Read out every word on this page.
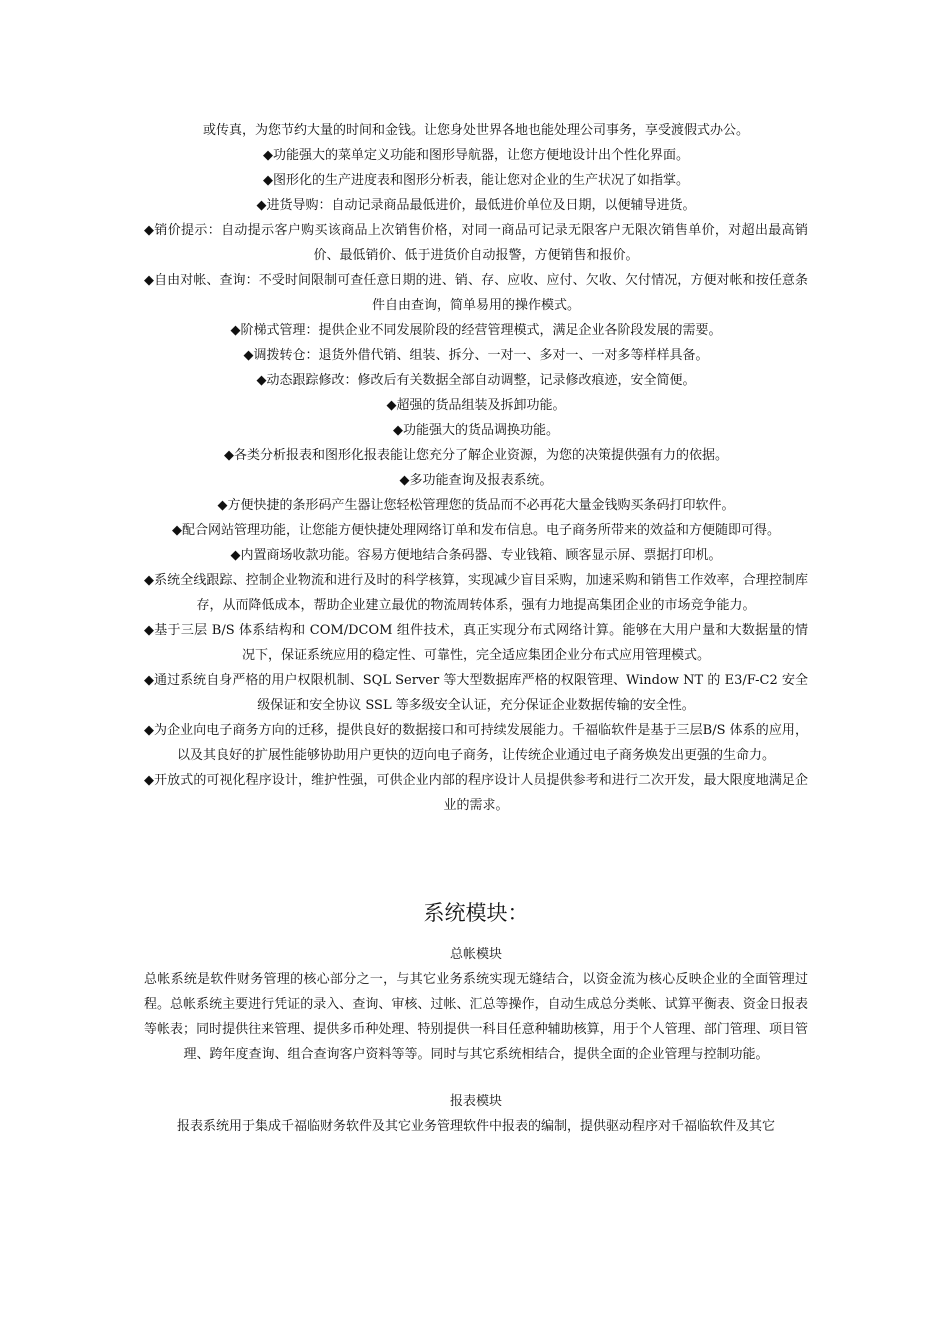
或传真，为您节约大量的时间和金钱。让您身处世界各地也能处理公司事务，享受渡假式办公。

◆功能强大的菜单定义功能和图形导航器，让您方便地设计出个性化界面。

◆图形化的生产进度表和图形分析表，能让您对企业的生产状况了如指掌。

◆进货导购：自动记录商品最低进价，最低进价单位及日期，以便辅导进货。

◆销价提示：自动提示客户购买该商品上次销售价格，对同一商品可记录无限客户无限次销售单价，对超出最高销价、最低销价、低于进货价自动报警，方便销售和报价。

◆自由对帐、查询：不受时间限制可查任意日期的进、销、存、应收、应付、欠收、欠付情况，方便对帐和按任意条件自由查询，简单易用的操作模式。

◆阶梯式管理：提供企业不同发展阶段的经营管理模式，满足企业各阶段发展的需要。

◆调拨转仓：退货外借代销、组装、拆分、一对一、多对一、一对多等样样具备。

◆动态跟踪修改：修改后有关数据全部自动调整，记录修改痕迹，安全简便。

◆超强的货品组装及拆卸功能。

◆功能强大的货品调换功能。

◆各类分析报表和图形化报表能让您充分了解企业资源，为您的决策提供强有力的依据。

◆多功能查询及报表系统。

◆方便快捷的条形码产生器让您轻松管理您的货品而不必再花大量金钱购买条码打印软件。

◆配合网站管理功能，让您能方便快捷处理网络订单和发布信息。电子商务所带来的效益和方便随即可得。

◆内置商场收款功能。容易方便地结合条码器、专业钱箱、顾客显示屏、票据打印机。

◆系统全线跟踪、控制企业物流和进行及时的科学核算，实现减少盲目采购，加速采购和销售工作效率，合理控制库存，从而降低成本，帮助企业建立最优的物流周转体系，强有力地提高集团企业的市场竞争能力。

◆基于三层 B/S 体系结构和 COM/DCOM 组件技术，真正实现分布式网络计算。能够在大用户量和大数据量的情况下，保证系统应用的稳定性、可靠性，完全适应集团企业分布式应用管理模式。

◆通过系统自身严格的用户权限机制、SQL Server 等大型数据库严格的权限管理、Window NT 的 E3/F-C2 安全级保证和安全协议 SSL 等多级安全认证，充分保证企业数据传输的安全性。

◆为企业向电子商务方向的迁移，提供良好的数据接口和可持续发展能力。千福临软件是基于三层B/S 体系的应用，以及其良好的扩展性能够协助用户更快的迈向电子商务，让传统企业通过电子商务焕发出更强的生命力。

◆开放式的可视化程序设计，维护性强，可供企业内部的程序设计人员提供参考和进行二次开发，最大限度地满足企业的需求。

系统模块：
总帐模块

总帐系统是软件财务管理的核心部分之一，与其它业务系统实现无缝结合，以资金流为核心反映企业的全面管理过程。总帐系统主要进行凭证的录入、查询、审核、过帐、汇总等操作，自动生成总分类帐、试算平衡表、资金日报表等帐表；同时提供往来管理、提供多币种处理、特别提供一科目任意种辅助核算，用于个人管理、部门管理、项目管理、跨年度查询、组合查询客户资料等等。同时与其它系统相结合，提供全面的企业管理与控制功能。

报表模块

报表系统用于集成千福临财务软件及其它业务管理软件中报表的编制，提供驱动程序对千福临软件及其它
